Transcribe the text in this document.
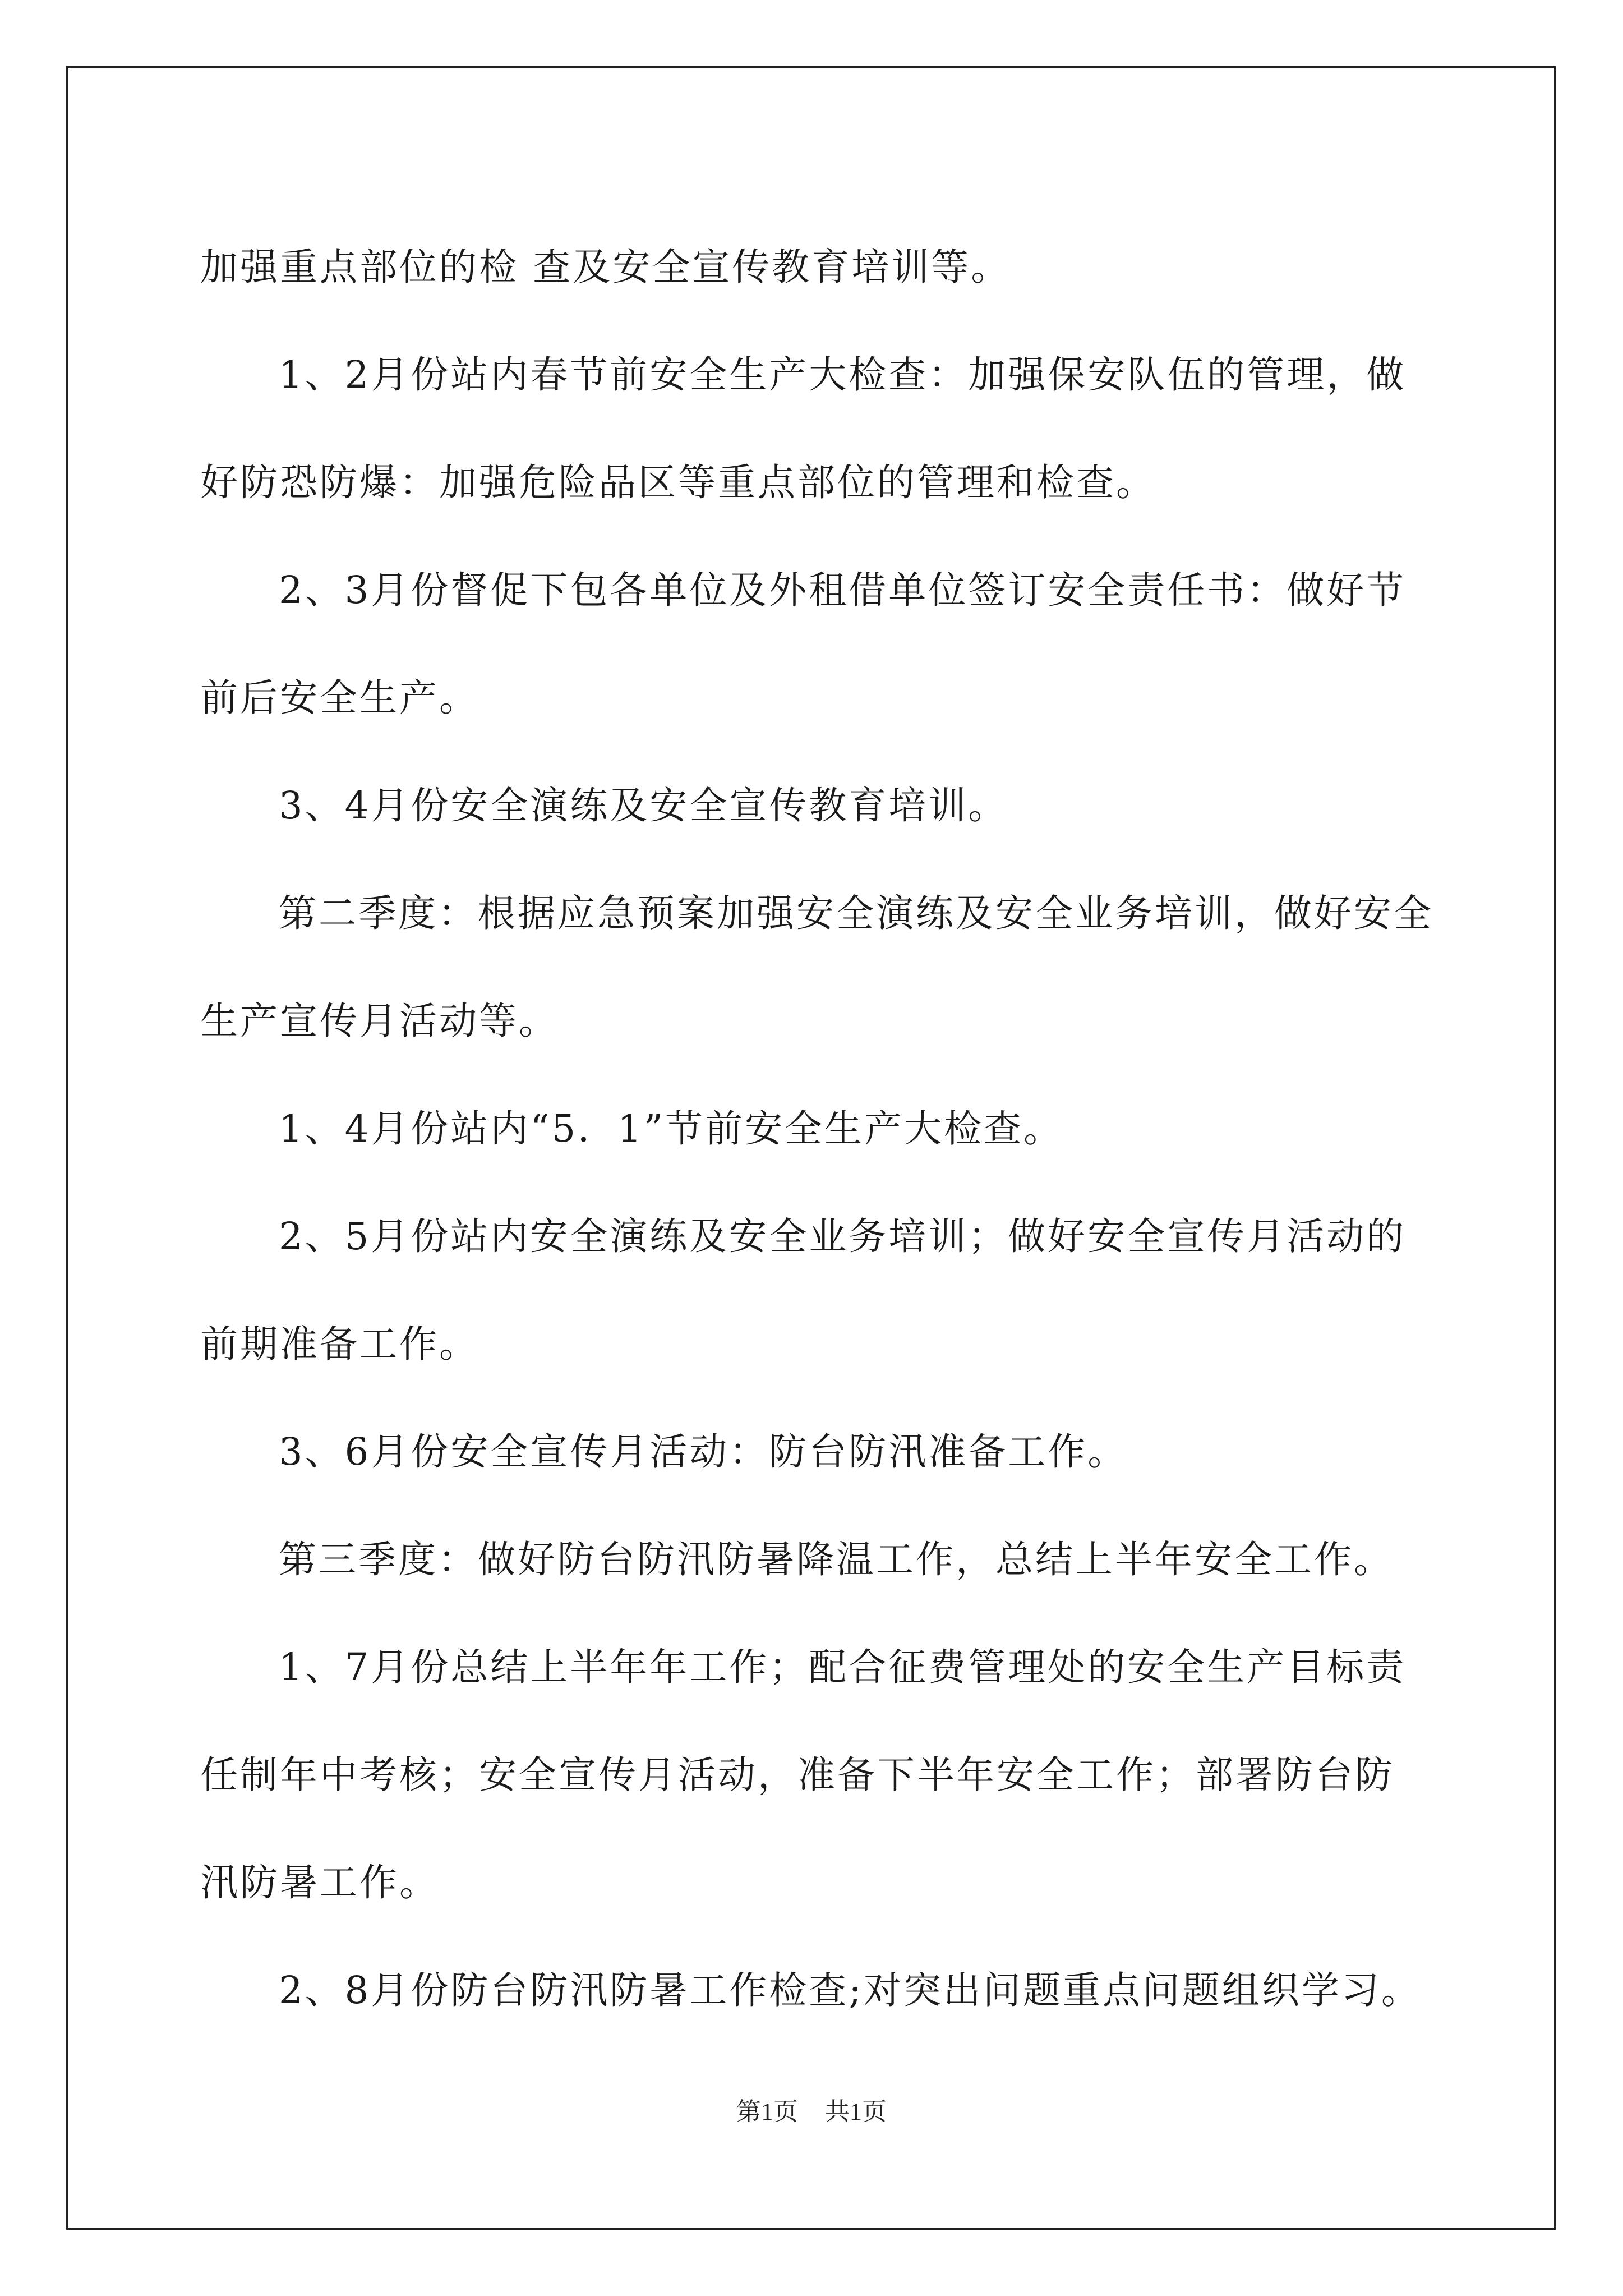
加强重点部位的检 查及安全宣传教育培训等。

1、2月份站内春节前安全生产大检查：加强保安队伍的管理，做好防恐防爆：加强危险品区等重点部位的管理和检查。

2、3月份督促下包各单位及外租借单位签订安全责任书：做好节前后安全生产。

3、4月份安全演练及安全宣传教育培训。

第二季度：根据应急预案加强安全演练及安全业务培训，做好安全生产宣传月活动等。

1、4月份站内“5．1”节前安全生产大检查。

2、5月份站内安全演练及安全业务培训；做好安全宣传月活动的前期准备工作。

3、6月份安全宣传月活动：防台防汛准备工作。

第三季度：做好防台防汛防暑降温工作，总结上半年安全工作。

1、7月份总结上半年年工作；配合征费管理处的安全生产目标责任制年中考核；安全宣传月活动，准备下半年安全工作；部署防台防汛防暑工作。

2、8月份防台防汛防暑工作检查;对突出问题重点问题组织学习。

第1页 共1页
